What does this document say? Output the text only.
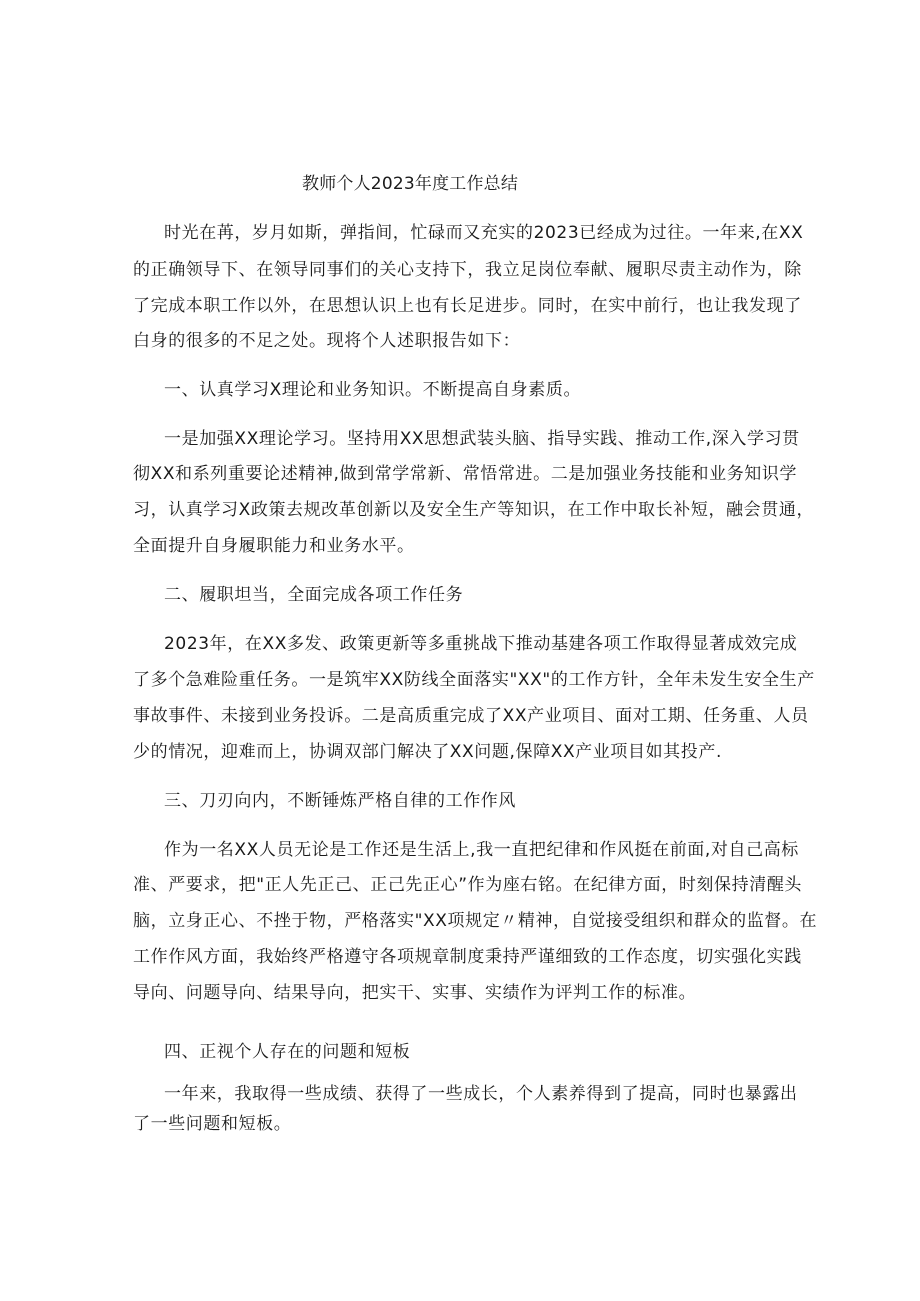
教师个人2023年度工作总结
时光在苒，岁月如斯，弹指间，忙碌而又充实的2023已经成为过往。一年来,在XX
的正确领导下、在领导同事们的关心支持下，我立足岗位奉献、履职尽责主动作为，除
了完成本职工作以外，在思想认识上也有长足进步。同时，在实中前行，也让我发现了
白身的很多的不足之处。现将个人述职报告如下：
一、认真学习X理论和业务知识。不断提高自身素质。
一是加强XX理论学习。坚持用XX思想武装头脑、指导实践、推动工作,深入学习贯
彻XX和系列重要论述精神,做到常学常新、常悟常进。二是加强业务技能和业务知识学
习，认真学习X政策去规改革创新以及安全生产等知识，在工作中取长补短，融会贯通，
全面提升自身履职能力和业务水平。
二、履职坦当，全面完成各项工作任务
2023年，在XX多发、政策更新等多重挑战下推动基建各项工作取得显著成效完成
了多个急难险重任务。一是筑牢XX防线全面落实"XX"的工作方针，全年未发生安全生产
事故事件、未接到业务投诉。二是高质重完成了XX产业项目、面对工期、任务重、人员
少的情况，迎难而上，协调双部门解决了XX问题,保障XX产业项目如其投产.
三、刀刃向内，不断锤炼严格自律的工作作风
作为一名XX人员无论是工作还是生活上,我一直把纪律和作风挺在前面,对自己高标
准、严要求，把"正人先正己、正己先正心”作为座右铭。在纪律方面，时刻保持清醒头
脑，立身正心、不挫于物，严格落实"XX项规定〃精神，自觉接受组织和群众的监督。在
工作作风方面，我始终严格遵守各项规章制度秉持严谨细致的工作态度，切实强化实践
导向、问题导向、结果导向，把实干、实事、实绩作为评判工作的标准。
四、正视个人存在的问题和短板
一年来，我取得一些成绩、获得了一些成长，个人素养得到了提高，同时也暴露出
了一些问题和短板。
